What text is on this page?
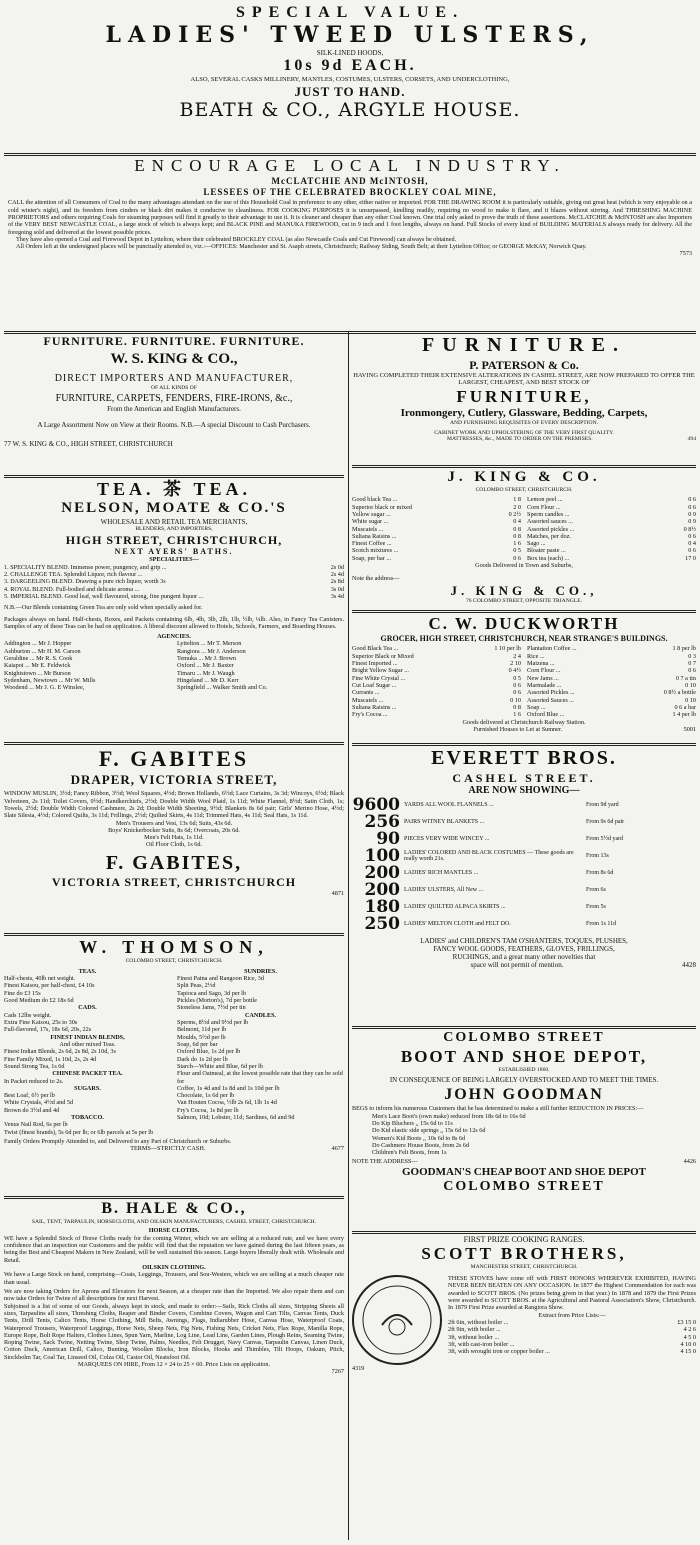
SPECIAL VALUE.
LADIES' TWEED ULSTERS,
SILK-LINED HOODS,
10s 9d EACH.
ALSO, SEVERAL CASKS MILLINERY, MANTLES, COSTUMES, ULSTERS, CORSETS, AND UNDERCLOTHING,
JUST TO HAND.
BEATH & CO., ARGYLE HOUSE.
ENCOURAGE LOCAL INDUSTRY.
McCLATCHIE AND McINTOSH,
LESSEES OF THE CELEBRATED BROCKLEY COAL MINE,
CALL the attention of all Consumers of Coal to the many advantages attendant on the use of this Household Coal in preference to any other, either native or imported. FOR THE DRAWING ROOM it is particularly suitable, giving out great heat (which is very enjoyable on a cold winter's night), and its freedom from cinders or black dirt makes it conducive to cleanliness. FOR COOKING PURPOSES it is unsurpassed, kindling readily, requiring no wood to make it flare, and it blazes without stirring. And THRESHING MACHINE PROPRIETORS and others requiring Coals for steaming purposes will find it greatly to their advantage to use it. It is cleaner and cheaper than any other Coal known. One trial only asked to prove the truth of these assertions. McCLATCHIE & McINTOSH are also Importers of the VERY BEST NEWCASTLE COAL, a large stock of which is always kept; and BLACK PINE and MANUKA FIREWOOD, cut in 9 inch and 1 foot lengths, always on hand. Full Stocks of every kind of BUILDING MATERIALS always ready for delivery. All the foregoing sold and delivered at the lowest possible prices.
They have also opened a Coal and Firewood Depot in Lyttelton, where their celebrated BROCKLEY COAL (as also Newcastle Coals and Cut Firewood) can always be obtained.
All Orders left at the undersigned places will be punctually attended to, viz.:—OFFICES: Manchester and St. Asaph streets, Christchurch; Railway Siding, South Belt; at their Lyttelton Office; or GEORGE McKAY, Norwich Quay.
7573
FURNITURE. FURNITURE. FURNITURE.
W. S. KING & CO.,
DIRECT IMPORTERS AND MANUFACTURER,
OF ALL KINDS OF
FURNITURE, CARPETS, FENDERS, FIRE-IRONS, &c.,
From the American and English Manufacturers.
A Large Assortment Now on View at their Rooms. N.B.—A special Discount to Cash Purchasers.
77 W. S. KING & CO., HIGH STREET, CHRISTCHURCH
TEA. 茶 TEA.
NELSON, MOATE & CO.'S
WHOLESALE AND RETAIL TEA MERCHANTS,
BLENDERS, AND IMPORTERS,
HIGH STREET, CHRISTCHURCH,
NEXT AYERS' BATHS.
SPECIALITIES—
1. SPECIALITY BLEND. Immense power, pungency, and grip ...	2s 0d
2. CHALLENGE TEA. Splendid Liquor, rich flavour ...	2s 4d
3. DARGEELING BLEND. Drawing a pure rich liquor, worth 3s	2s 8d
4. ROYAL BLEND. Full-bodied and delicate aroma ...	3s 0d
5. IMPERIAL BLEND. Good leaf, well flavoured, strong, fine pungent liquor ...	3s 4d
N.B.—Our Blends containing Green Tea are only sold when specially asked for.
Packages always on hand. Half-chests, Boxes, and Packets containing 6lb, 4lb, 3lb, 2lb, 1lb, ½lb, ¼lb. Also, in Fancy Tea Canisters. Samples of any of these Teas can be had on application. A liberal discount allowed to Hotels, Schools, Farmers, and Boarding Houses.
AGENCIES.
Addington ... Mr J. Hopper	Lyttelton ... Mr T. Merson
Ashburton ... Mr H. M. Carson	Rangiora ... Mr J. Anderson
Geraldine ... Mr R. S. Cook	Temuka ... Mr J. Brown
Kaiapoi ... Mr E. Feldwick	Oxford ... Mr J. Baxter
Knightstown ... Mr Burson	Timaru ... Mr J. Waugh
Sydenham, Newtown ... Mr W. Mills	Hingeland ... Mr D. Kerr
Woodend ... Mr J. G. E Winslee,	Springfield ... Walker Smith and Co.
F. GABITES
DRAPER, VICTORIA STREET,
WINDOW MUSLIN, 3½d; Fancy Ribbon, 3½d; Wool Squares, 4½d; Brown Hollands, 6½d; Lace Curtains, 3s 3d; Wincoys, 6½d; Black Velveteen, 2s 11d; Toilet Covers, 9½d; Handkerchiefs, 2½d; Double Width Wool Plaid, 1s 11d; White Flannel, 8½d; Satin Cloth, 1s; Towels, 2½d; Double Width Colored Cashmere, 2s 2d; Double Width Sheeting, 9½d; Blankets 8s 6d pair; Girls' Merino Hose, 4½d; Slate Silesia, 4½d; Colored Quilts, 3s 11d; Frillings, 2½d; Quilted Skirts, 4s 11d; Trimmed Hats, 4s 11d; Seal Hats, 1s 11d.
Men's Trousers and Vest, 13s 6d; Suits, 43s 6d.
Boys' Knickerbocker Suits, 8s 6d; Overcoats, 20s 6d.
Men's Felt Hats, 1s 11d.
Oil Floor Cloth, 1s 6d.
F. GABITES,
VICTORIA STREET, CHRISTCHURCH
4871
W. THOMSON,
COLOMBO STREET, CHRISTCHURCH.
TEAS.
Half-chests, 40lb net weight.
Finest Kaisou, per half-chest, £4 10s
Fine do £3 15s
Good Medium do £2 18s 6d
CADS.
Cads 12lbs weight.
Extra Fine Kaisou, 25s to 30s
Full-flavored, 17s, 18s 6d, 20s, 22s
FINEST INDIAN BLENDS,
And other mixed Teas.
Finest Indian Blends, 2s 6d, 2s 8d, 2s 10d, 3s
Fine Family Mixed, 1s 10d, 2s, 2s 4d
Sound Strong Tea, 1s 6d
CHINESE PACKET TEA.
In Packet reduced to 2s.
SUGARS.
Best Loaf, 6½ per lb
White Crystals, 4½d and 5d
Brown do 3½d and 4d
TOBACCO.
Venus Nail Rod, 6s per lb
Twist (finest brands), 5s 6d per lb; or 6lb parcels at 5s per lb
SUNDRIES.
Finest Patna and Rangoon Rice, 3d
Split Peas, 2½d
Tapioca and Sago, 3d per lb
Pickles (Morton's), 7d per bottle
Stoneless Jams, 7½d per tin
CANDLES.
Sperms, 8½d and 9½d per lb
Belmont, 11d per lb
Moulds, 5½d per lb
Soap, 6d per bar
Oxford Blue, 1s 2d per lb
Dark do 1s 2d per lb
Starch—White and Blue, 6d per lb
Flour and Oatmeal, at the lowest possible rate that they can be sold for
Coffee, 1s 4d and 1s 8d and 1s 10d per lb
Chocolate, 1s 6d per lb
Van Houten Cocoa, ½lb 2s 6d, 1lb 1s 4d
Fry's Cocoa, 1s 8d per lb
Salmon, 10d; Lobster, 11d; Sardines, 6d and 9d
Family Orders Promptly Attended to, and Delivered to any Part of Christchurch or Suburbs.
TERMS—STRICTLY CASH.	4677
B. HALE & CO.,
SAIL, TENT, TARPAULIN, HORSECLOTH, AND OILSKIN MANUFACTURERS, CASHEL STREET, CHRISTCHURCH.
HORSE CLOTHS.
WE have a Splendid Stock of Horse Cloths ready for the coming Winter, which we are selling at a reduced rate, and we have every confidence that an inspection our Customers and the public will find that the reputation we have gained during the last fifteen years, as being the Best and Cheapest Makers in New Zealand, will be well sustained this season. Large buyers liberally dealt with. Wholesale and Retail.
OILSKIN CLOTHING.
We have a Large Stock on hand, comprising—Coats, Leggings, Trousers, and Sou-Westers, which we are selling at a much cheaper rate than usual.
We are now taking Orders for Aprons and Elevators for next Season, at a cheaper rate than the Imported. We also repair them and can now take Orders for Twine of all descriptions for next Harvest.
Subjoined is a list of some of our Goods, always kept in stock, and made to order:—Sails, Rick Cloths all sizes, Stripping Sheets all sizes, Tarpaulins all sizes, Threshing Cloths, Reaper and Binder Covers, Combine Covers, Wagon and Cart Tilts, Canvas Tents, Duck Tents, Drill Tents, Calico Tents, Horse Clothing, Mill Belts, Awnings, Flags, Indiarubber Hose, Canvas Hose, Waterproof Coats, Waterproof Trousers, Waterproof Leggings, Horse Nets, Sheep Nets, Fig Nets, Fishing Nets, Cricket Nets, Flax Rope, Manilla Rope, Europe Rope, Bolt Rope Halters, Clothes Lines, Spun Yarn, Marline, Log Line, Lead Line, Garden Lines, Plough Reins, Seaming Twine, Roping Twine, Sack Twine, Netting Twine, Shop Twine, Palms, Needles, Felt Drugget, Navy Canvas, Tarpaulin Canvas, Linen Duck, Cotton Duck, American Drill, Calico, Bunting, Woollen Blocks, Iron Blocks, Hooks and Thimbles, Tilt Hoops, Oakum, Pitch, Stockholm Tar, Coal Tar, Linseed Oil, Colza Oil, Castor Oil, Neatsfoot Oil.
MARQUEES ON HIRE, From 12 × 24 to 25 × 60. Price Lists on application.
7267
FURNITURE.
P. PATERSON & Co.
HAVING COMPLETED THEIR EXTENSIVE ALTERATIONS IN CASHEL STREET, ARE NOW PREPARED TO OFFER THE LARGEST, CHEAPEST, AND BEST STOCK OF
FURNITURE,
Ironmongery, Cutlery, Glassware, Bedding, Carpets,
AND FURNISHING REQUISITES OF EVERY DESCRIPTION.
CABINET WORK AND UPHOLSTERING OF THE VERY FIRST QUALITY.
MATTRESSES, &c., MADE TO ORDER ON THE PREMISES.	494
J. KING & CO.
COLOMBO STREET, CHRISTCHURCH.
Good black Tea ...	1 8
Superior black or mixed	2 0
Yellow sugar ...	0 2½
White sugar ...	0 4
Muscatels ...	0 8
Sultana Raisins ...	0 8
Finest Coffee ...	1 6
Scotch mixtures ...	0 5
Soap, per bar ...	0 6
Lemon peel ...	0 6
Corn Flour ...	0 6
Sperm candles ...	0 9
Assorted sauces ...	0 9
Assorted pickles ...	0 8½
Matches, per doz.	0 6
Sago ...	0 4
Bloater paste ...	0 6
Box tea (each) ...	17 0
Goods Delivered in Town and Suburbs,
Note the address—
J. KING & CO.,
76 COLOMBO STREET, OPPOSITE TRIANGLE.
C. W. DUCKWORTH
GROCER, HIGH STREET, CHRISTCHURCH, NEAR STRANGE'S BUILDINGS.
Good Black Tea ...	1 10 per lb
Superior Black or Mixed	2 4
Finest Imported ...	2 10
Bright Yellow Sugar ...	0 4½
Fine White Crystal ...	0 5
Cut Loaf Sugar ...	0 6
Currants ...	0 6
Muscatels ...	0 10
Sultana Raisins ...	0 8
Fry's Cocoa ...	1 6
Plantation Coffee ...	1 8 per lb
Rice ...	0 3
Maizena ...	0 7
Corn Flour ...	0 6
New Jams ...	0 7 a tin
Marmalade ...	0 10
Assorted Pickles ...	0 8½ a bottle
Assorted Sauces ...	0 10
Soap ...	0 6 a bar
Oxford Blue ...	1 4 per lb
Goods delivered at Christchurch Railway Station.
Furnished Houses to Let at Sumner.	5001
EVERETT BROS.
CASHEL STREET.
ARE NOW SHOWING—
9600 YARDS ALL WOOL FLANNELS ...	From 9d yard
256 PAIRS WITNEY BLANKETS ...	From 9s 6d pair
90 PIECES VERY WIDE WINCEY ...	From 5½d yard
100 LADIES' COLORED AND BLACK COSTUMES — These goods are really worth 21s.	From 13s
200 LADIES' RICH MANTLES ...	From 8s 6d
200 LADIES' ULSTERS, All New ...	From 6s
180 LADIES' QUILTED ALPACA SKIRTS ...	From 5s
250 LADIES' MELTON CLOTH and FELT DO.	From 1s 11d
LADIES' and CHILDREN'S TAM O'SHANTERS, TOQUES, PLUSHES,
FANCY WOOL GOODS, FEATHERS, GLOVES, FRILLINGS,
RUCHINGS, and a great many other novelties that
space will not permit of mention.	4428
COLOMBO STREET
BOOT AND SHOE DEPOT,
ESTABLISHED 1860.
IN CONSEQUENCE OF BEING LARGELY OVERSTOCKED AND TO MEET THE TIMES.
JOHN GOODMAN
BEGS to inform his numerous Customers that he has determined to make a still further REDUCTION IN PRICES:—
Men's Lace Boot's (own make) reduced from 18s 6d to 16s 6d
Do Kip Bluchers ,, 15s 6d to 11s
Do Kid elastic side springs ,, 15s 6d to 12s 6d
Women's Kid Boots ,, 10s 6d to 8s 6d
Do Cashmere House Boots, from 2s 6d
Children's Felt Boots, from 1s
NOTE THE ADDRESS—	4426
GOODMAN'S CHEAP BOOT AND SHOE DEPOT
COLOMBO STREET
FIRST PRIZE COOKING RANGES.
SCOTT BROTHERS,
MANCHESTER STREET, CHRISTCHURCH.
THESE STOVES have come off with FIRST HONORS WHEREVER EXHIBITED, HAVING NEVER BEEN BEATEN ON ANY OCCASION. In 1877 the Highest Commendation for each was awarded to SCOTT BROS. (No prizes being given in that year.) In 1878 and 1879 the First Prizes were awarded to SCOTT BROS. at the Agricultural and Pastoral Association's Show, Christchurch. In 1879 First Prize awarded at Rangiora Show.
Extract from Price Lists:—
2ft 6in, without boiler ...	£3 15 0
2ft 9in, with boiler ...	4 2 6
3ft, without boiler ...	4 5 0
3ft, with cast-iron boiler ...	4 10 0
3ft, with wrought iron or copper boiler ...	4 15 0
4319
